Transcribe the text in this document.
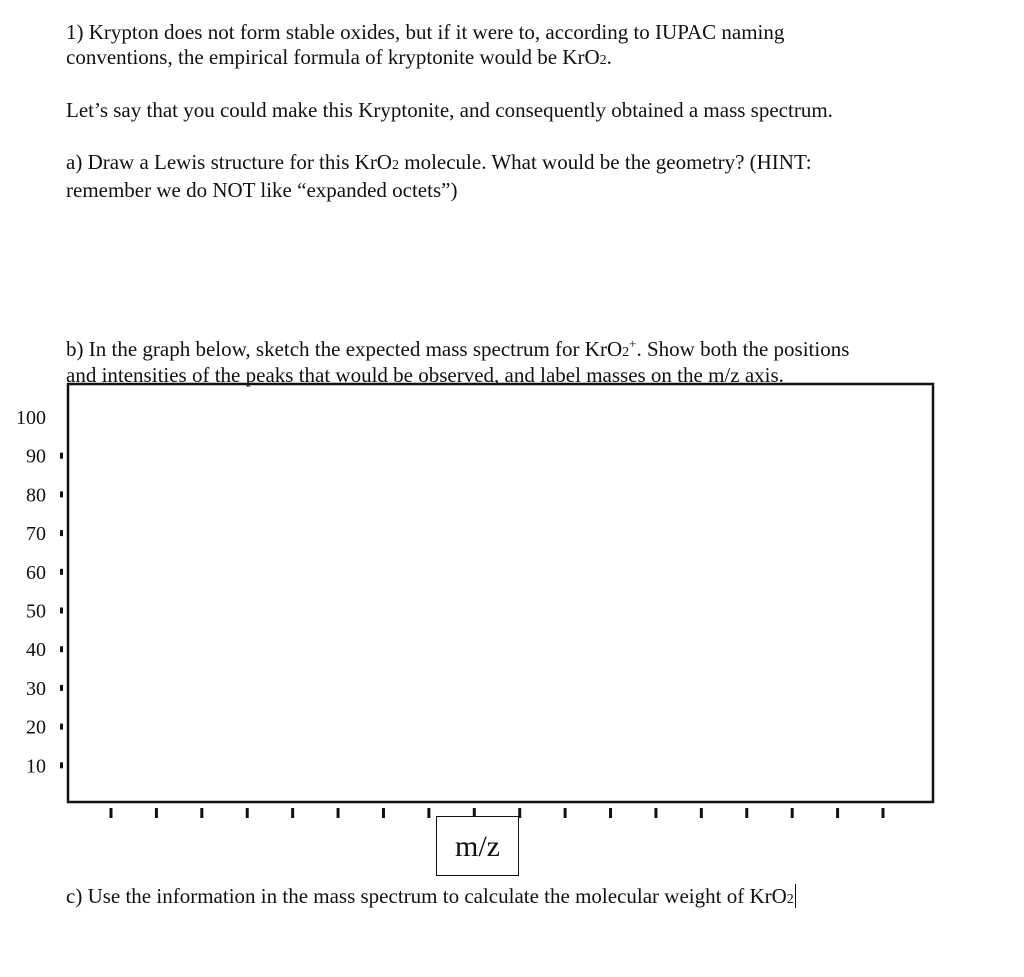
1) Krypton does not form stable oxides, but if it were to, according to IUPAC naming
conventions, the empirical formula of kryptonite would be KrO2.
Let’s say that you could make this Kryptonite, and consequently obtained a mass spectrum.
a) Draw a Lewis structure for this KrO2 molecule. What would be the geometry? (HINT:
remember we do NOT like “expanded octets”)
b) In the graph below, sketch the expected mass spectrum for KrO2+. Show both the positions
and intensities of the peaks that would be observed, and label masses on the m/z axis.
100
90
80
70
60
50
40
30
20
10
m/z
c) Use the information in the mass spectrum to calculate the molecular weight of KrO2
